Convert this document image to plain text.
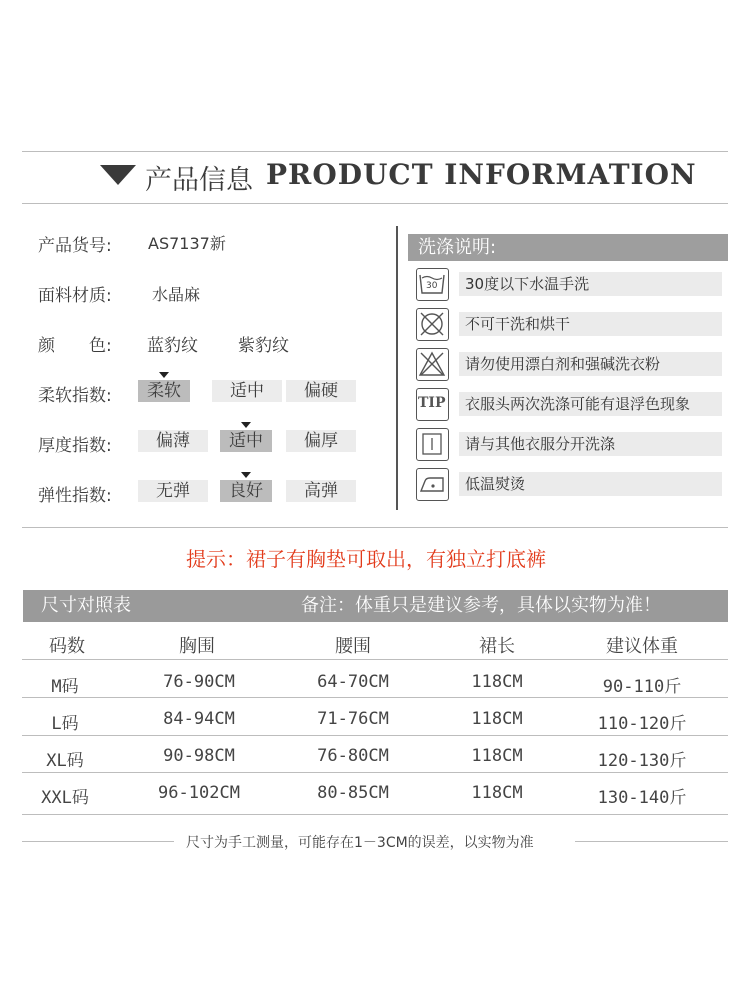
产品信息 PRODUCT INFORMATION
产品货号: AS7137新
面料材质:	水晶麻
颜　　色: 蓝豹纹 紫豹纹
柔软指数:	柔软	适中	偏硬
厚度指数:	偏薄	适中	偏厚
弹性指数:	无弹	良好	高弹
洗涤说明:
30	30度以下水温手洗
不可干洗和烘干
请勿使用漂白剂和强碱洗衣粉
TIP	衣服头两次洗涤可能有退浮色现象
请与其他衣服分开洗涤
低温熨烫
提示：裙子有胸垫可取出，有独立打底裤
尺寸对照表	备注：体重只是建议参考，具体以实物为准！
码数	胸围	腰围	裙长	建议体重
M码	76-90CM	64-70CM	118CM	90-110斤
L码	84-94CM	71-76CM	118CM	110-120斤
XL码	90-98CM	76-80CM	118CM	120-130斤
XXL码	96-102CM	80-85CM	118CM	130-140斤
尺寸为手工测量，可能存在1－3CM的误差，以实物为准
